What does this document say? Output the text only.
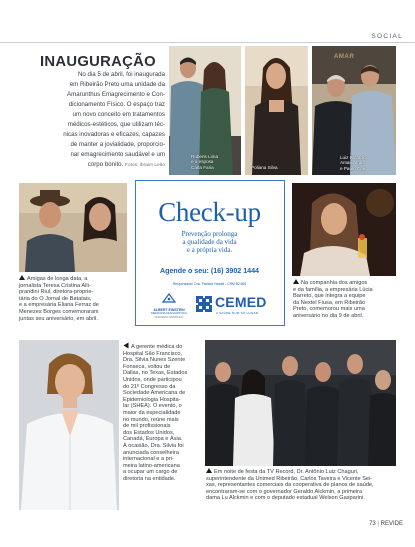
SOCIAL
INAUGURAÇÃO
No dia 5 de abril, foi inaugurada
em Ribeirão Preto uma unidade da
Amarunthus Emagrecimento e Con-
dicionamento Físico. O espaço traz
um novo conceito em tratamentos
médicos-estéticos, que utilizam téc-
nicas inovadoras e eficazes, capazes
de manter a jovialidade, proporcio-
nar emagrecimento saudável e um
corpo bonito. Fotos: Ibraim Leão
Rubens Lima
e a esposa
Carla Faria	Poliana Silva
AMAR
Luiz Ricardo
Amarunthus
e Paulo Caê
Amigas de longa data, a
jornalista Teresa Cristina Alli-
prandini Riul, diretora-proprie-
tária do O Jornal de Batatais,
e a empresária Eliana Ferraz de
Menezes Borges comemoraram
juntas seu aniversário, em abril.
Check-up
Prevenção prolonga
a qualidade da vida
e a própria vida.
Agende o seu: (16) 3902 1444
Responsável: Dra. Patricia Yanotti - CRM 82.565
ALBERT EINSTEIN
MEDICINA DIAGNÓSTICA
PARCEIRO CIENTÍFICO
CEMED
A SAÚDE NUM SÓ LUGAR
Na companhia dos amigos
e da família, a empresária Lúcia
Barreto, que integra a equipe
da Nextel Fiusa, em Ribeirão
Preto, comemorou mais uma
aniversário no dia 9 de abril.
A gerente médica do
Hospital São Francisco,
Dra. Silvia Nunes Szente
Fonseca, voltou de
Dallas, no Texas, Estados
Unidos, onde participou
do 21º Congresso da
Sociedade Americana de
Epidemiologia Hospita-
lar (SHEA). O evento, o
maior da especialidade
no mundo, reúne mais
de mil profissionais
dos Estados Unidos,
Canadá, Europa e Ásia.
À ocasião, Dra. Silvia foi
anunciada conselheira
internacional e a pri-
meira latino-americana
a ocupar um cargo de
diretoria na entidade.
Em noite de festa da TV Record, Dr. Antônio Luiz Chaguri,
superintendente da Unimed Ribeirão, Carlos Taveira e Vicente Sei-
xas, representantes comerciais da cooperativa de planos de saúde,
encontraram-se com o governador Geraldo Alckmin, a primeira
dama Lu Alckmin e com o deputado estadual Welson Gasparini.
73 | REVIDE
